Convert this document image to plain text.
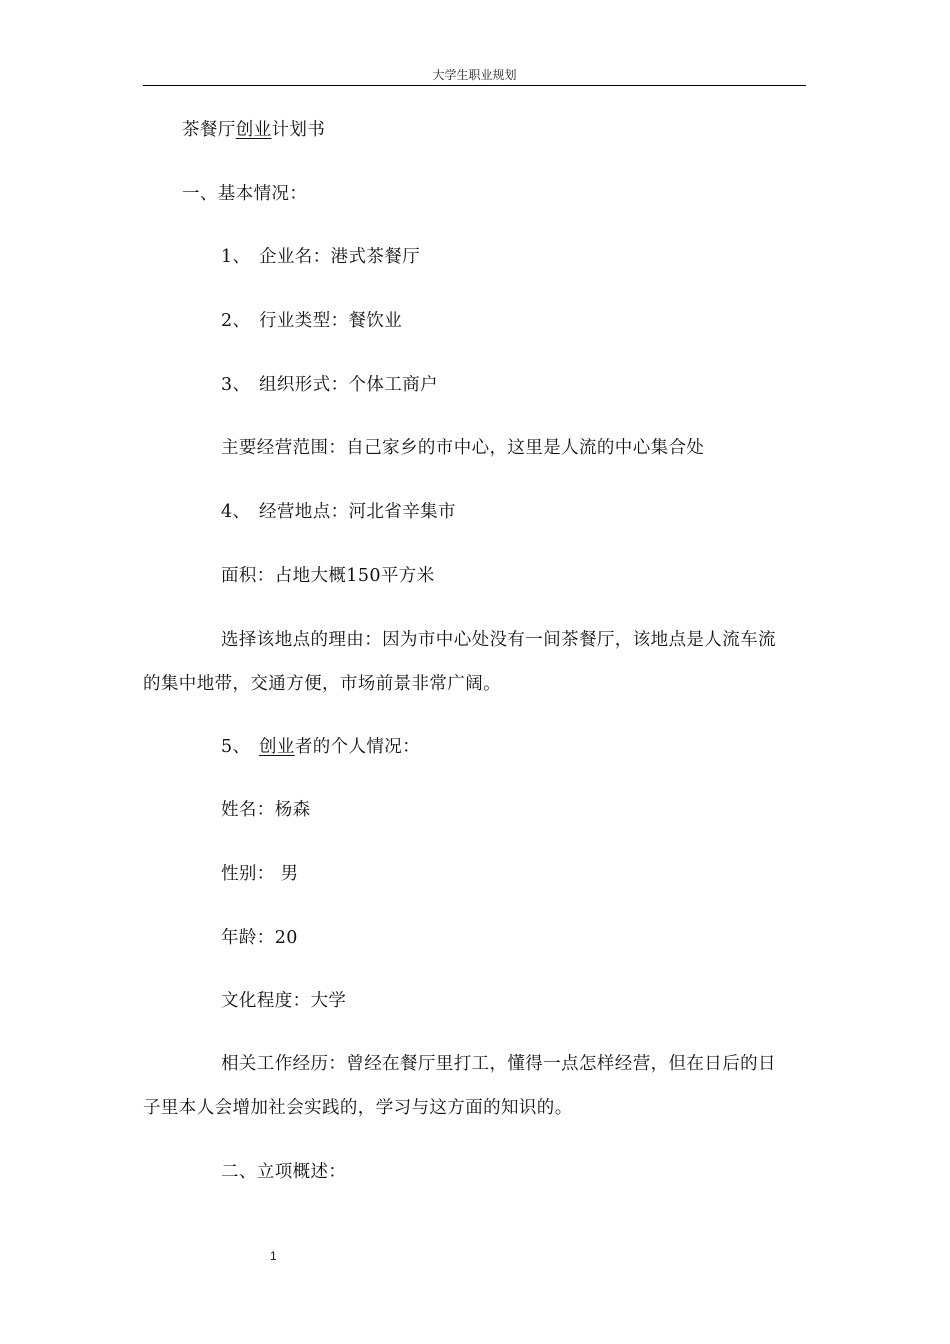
大学生职业规划
茶餐厅创业计划书
一、基本情况：
1、 企业名：港式茶餐厅
2、 行业类型：餐饮业
3、 组织形式：个体工商户
主要经营范围：自己家乡的市中心，这里是人流的中心集合处
4、 经营地点：河北省辛集市
面积：占地大概150平方米
选择该地点的理由：因为市中心处没有一间茶餐厅，该地点是人流车流
的集中地带，交通方便，市场前景非常广阔。
5、 创业者的个人情况：
姓名：杨森
性别： 男
年龄：20
文化程度：大学
相关工作经历：曾经在餐厅里打工，懂得一点怎样经营，但在日后的日
子里本人会增加社会实践的，学习与这方面的知识的。
二、立项概述：
1
